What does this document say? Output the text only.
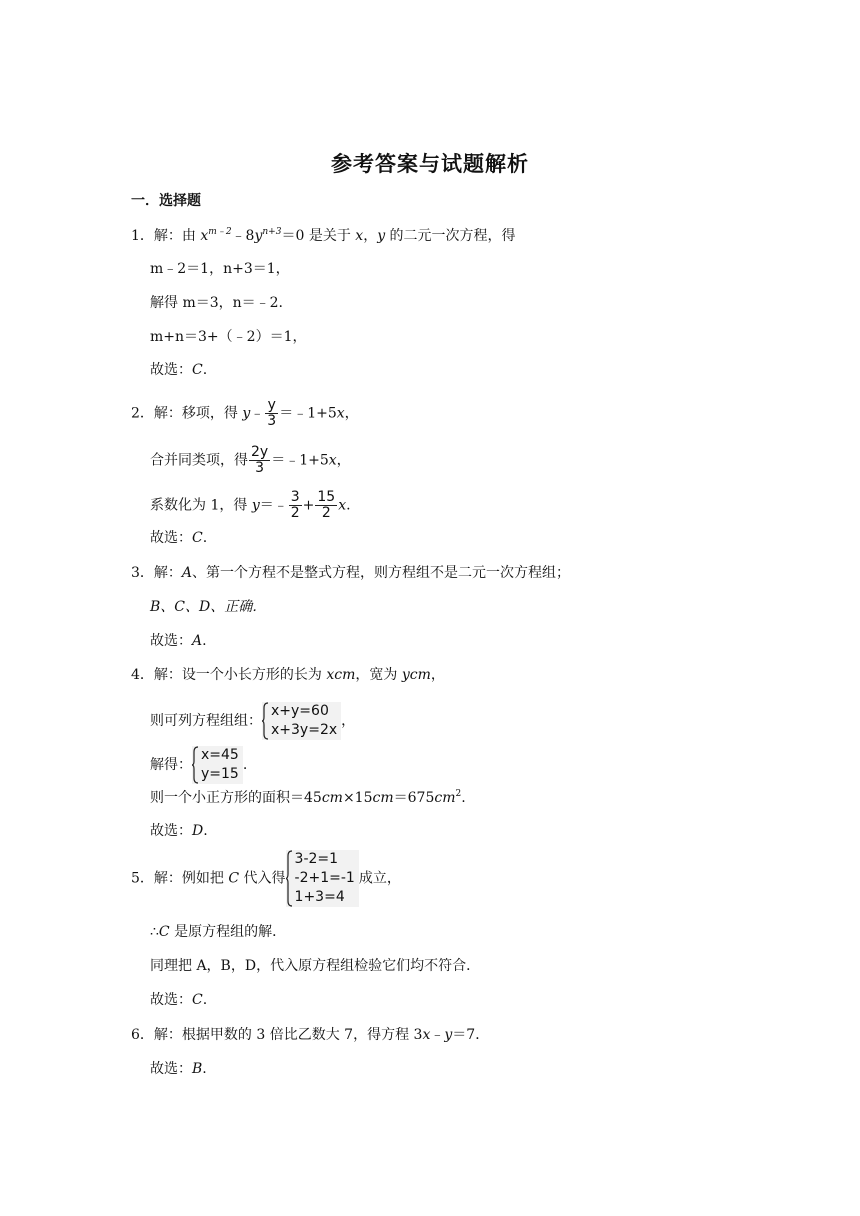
参考答案与试题解析
一．选择题
1．解：由 $x^{m﹣2}﹣8y^{n+3}=0$ 是关于 x，y 的二元一次方程，得
m﹣2＝1，n+3＝1，
解得 m＝3，n＝﹣2.
m+n＝3+（﹣2）＝1，
故选：C.
2．解：移项，得 y﹣ $\frac{y}{3}$ ＝﹣1+5x，
合并同类项，得 $\frac{2y}{3}$ ＝﹣1+5x，
系数化为 1，得 y＝﹣ $\frac{3}{2} + \frac{15}{2} x$.
故选：C.
3．解：A、第一个方程不是整式方程，则方程组不是二元一次方程组；
B、C、D、正确．
故选：A.
4．解：设一个小长方形的长为 xcm，宽为 ycm，
则可列方程组组：
x+y=60
x+3y=2x
，
解得：
x=45
y=15
.
则一个小正方形的面积$=45cm\times 15cm=675cm^2$.
故选：D.
5．解：例如把 C 代入得
3-2=1
-2+1=-1
1+3=4
成立，
∴C 是原方程组的解．
同理把 A，B，D，代入原方程组检验它们均不符合．
故选：C.
6．解：根据甲数的 3 倍比乙数大 7，得方程 3x﹣y＝7．
故选：B.
